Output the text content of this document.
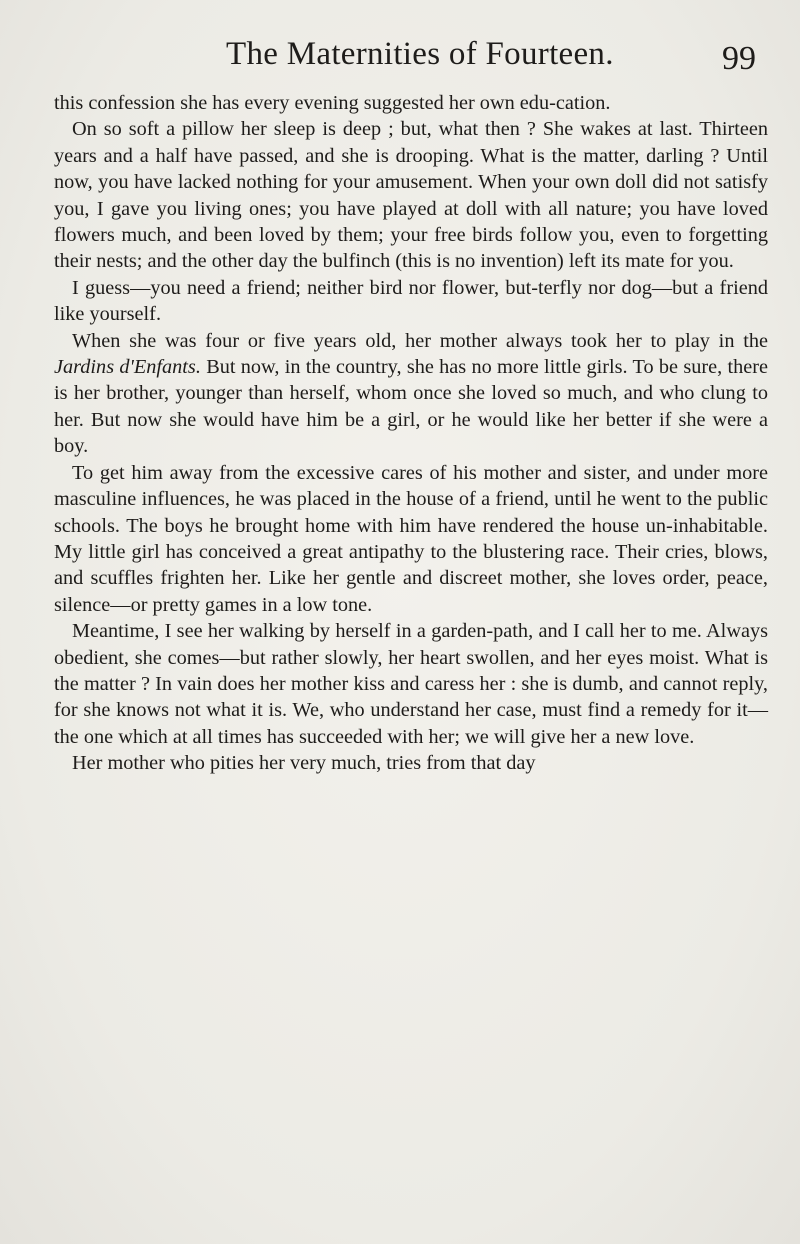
The Maternities of Fourteen.	99

this confession she has every evening suggested her own edu-cation.

On so soft a pillow her sleep is deep ; but, what then ? She wakes at last. Thirteen years and a half have passed, and she is drooping. What is the matter, darling ? Until now, you have lacked nothing for your amusement. When your own doll did not satisfy you, I gave you living ones; you have played at doll with all nature; you have loved flowers much, and been loved by them; your free birds follow you, even to forgetting their nests; and the other day the bulfinch (this is no invention) left its mate for you.

I guess—you need a friend; neither bird nor flower, but-terfly nor dog—but a friend like yourself.

When she was four or five years old, her mother always took her to play in the Jardins d'Enfants. But now, in the country, she has no more little girls. To be sure, there is her brother, younger than herself, whom once she loved so much, and who clung to her. But now she would have him be a girl, or he would like her better if she were a boy.

To get him away from the excessive cares of his mother and sister, and under more masculine influences, he was placed in the house of a friend, until he went to the public schools. The boys he brought home with him have rendered the house un-inhabitable. My little girl has conceived a great antipathy to the blustering race. Their cries, blows, and scuffles frighten her. Like her gentle and discreet mother, she loves order, peace, silence—or pretty games in a low tone.

Meantime, I see her walking by herself in a garden-path, and I call her to me. Always obedient, she comes—but rather slowly, her heart swollen, and her eyes moist. What is the matter ? In vain does her mother kiss and caress her : she is dumb, and cannot reply, for she knows not what it is. We, who understand her case, must find a remedy for it—the one which at all times has succeeded with her; we will give her a new love.

Her mother who pities her very much, tries from that day
